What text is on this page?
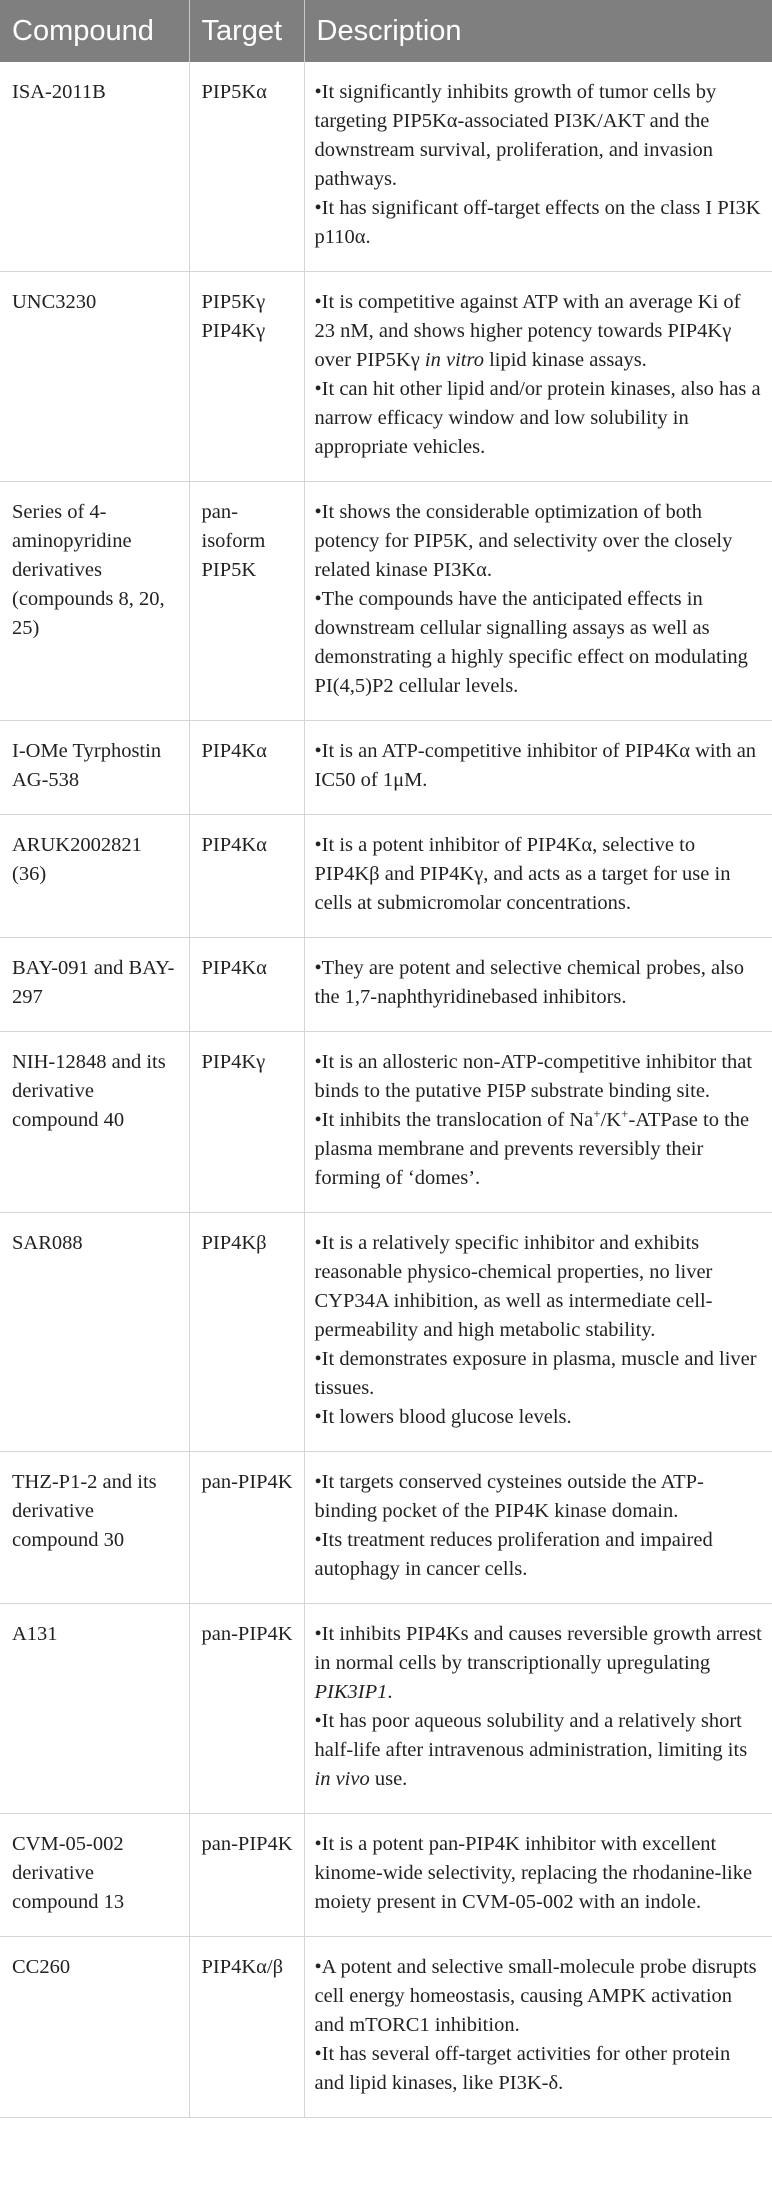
Compound	Target	Description
ISA-2011B	PIP5Kα	•It significantly inhibits growth of tumor cells by targeting PIP5Kα-associated PI3K/AKT and the downstream survival, proliferation, and invasion pathways.
•It has significant off-target effects on the class I PI3K p110α.

UNC3230	PIP5Kγ PIP4Kγ	•It is competitive against ATP with an average Ki of 23 nM, and shows higher potency towards PIP4Kγ over PIP5Kγ in vitro lipid kinase assays.
•It can hit other lipid and/or protein kinases, also has a narrow efficacy window and low solubility in appropriate vehicles.

Series of 4-aminopyridine derivatives (compounds 8, 20, 25)	pan-isoform PIP5K	•It shows the considerable optimization of both potency for PIP5K, and selectivity over the closely related kinase PI3Kα.
•The compounds have the anticipated effects in downstream cellular signalling assays as well as demonstrating a highly specific effect on modulating PI(4,5)P2 cellular levels.

I-OMe Tyrphostin AG-538	PIP4Kα	•It is an ATP-competitive inhibitor of PIP4Kα with an IC50 of 1μM.

ARUK2002821 (36)	PIP4Kα	•It is a potent inhibitor of PIP4Kα, selective to PIP4Kβ and PIP4Kγ, and acts as a target for use in cells at submicromolar concentrations.

BAY-091 and BAY-297	PIP4Kα	•They are potent and selective chemical probes, also the 1,7-naphthyridinebased inhibitors.

NIH-12848 and its derivative compound 40	PIP4Kγ	•It is an allosteric non-ATP-competitive inhibitor that binds to the putative PI5P substrate binding site.
•It inhibits the translocation of Na+/K+-ATPase to the plasma membrane and prevents reversibly their forming of ‘domes’.

SAR088	PIP4Kβ	•It is a relatively specific inhibitor and exhibits reasonable physico-chemical properties, no liver CYP34A inhibition, as well as intermediate cell-permeability and high metabolic stability.
•It demonstrates exposure in plasma, muscle and liver tissues.
•It lowers blood glucose levels.

THZ-P1-2 and its derivative compound 30	pan-PIP4K	•It targets conserved cysteines outside the ATP-binding pocket of the PIP4K kinase domain.
•Its treatment reduces proliferation and impaired autophagy in cancer cells.

A131	pan-PIP4K	•It inhibits PIP4Ks and causes reversible growth arrest in normal cells by transcriptionally upregulating PIK3IP1.
•It has poor aqueous solubility and a relatively short half-life after intravenous administration, limiting its in vivo use.

CVM-05-002 derivative compound 13	pan-PIP4K	•It is a potent pan-PIP4K inhibitor with excellent kinome-wide selectivity, replacing the rhodanine-like moiety present in CVM-05-002 with an indole.

CC260	PIP4Kα/β	•A potent and selective small-molecule probe disrupts cell energy homeostasis, causing AMPK activation and mTORC1 inhibition.
•It has several off-target activities for other protein and lipid kinases, like PI3K-δ.
